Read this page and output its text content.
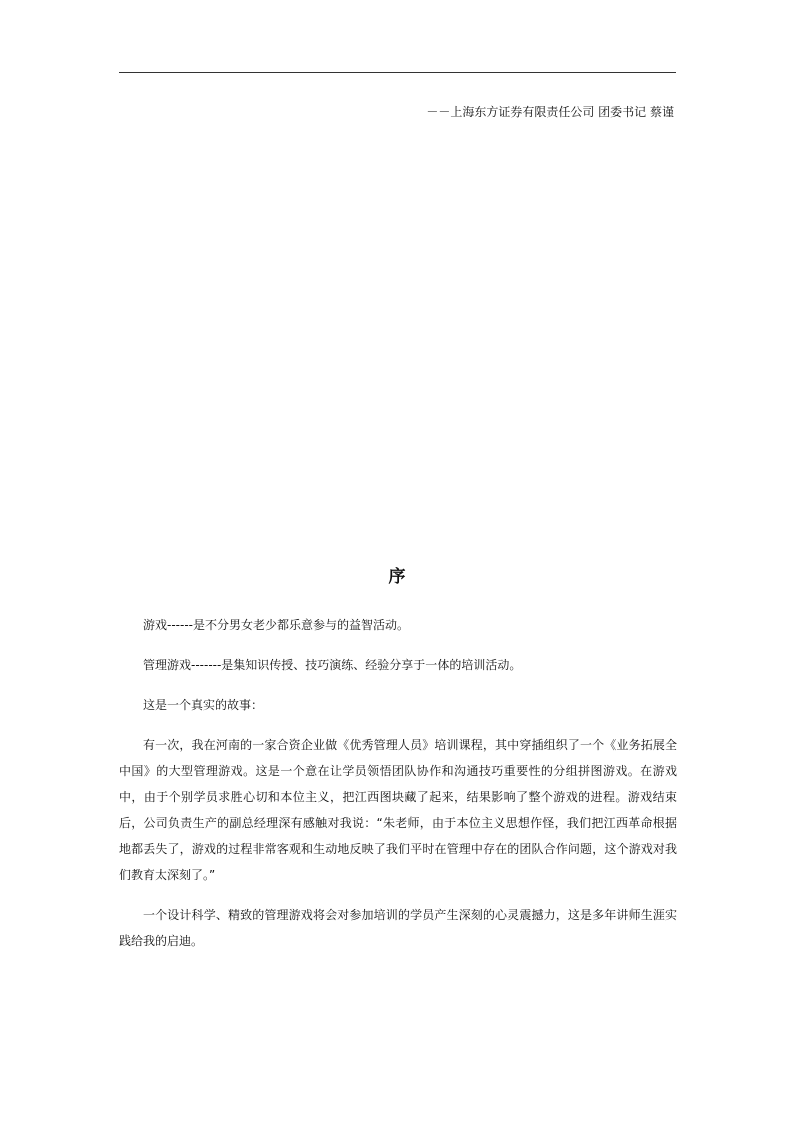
－－上海东方证券有限责任公司 团委书记 蔡谨
序

游戏------是不分男女老少都乐意参与的益智活动。

管理游戏-------是集知识传授、技巧演练、经验分享于一体的培训活动。

这是一个真实的故事：

有一次，我在河南的一家合资企业做《优秀管理人员》培训课程，其中穿插组织了一个《业务拓展全中国》的大型管理游戏。这是一个意在让学员领悟团队协作和沟通技巧重要性的分组拼图游戏。在游戏中，由于个别学员求胜心切和本位主义，把江西图块藏了起来，结果影响了整个游戏的进程。游戏结束后，公司负责生产的副总经理深有感触对我说：“朱老师，由于本位主义思想作怪，我们把江西革命根据地都丢失了，游戏的过程非常客观和生动地反映了我们平时在管理中存在的团队合作问题，这个游戏对我们教育太深刻了。”

一个设计科学、精致的管理游戏将会对参加培训的学员产生深刻的心灵震撼力，这是多年讲师生涯实践给我的启迪。
